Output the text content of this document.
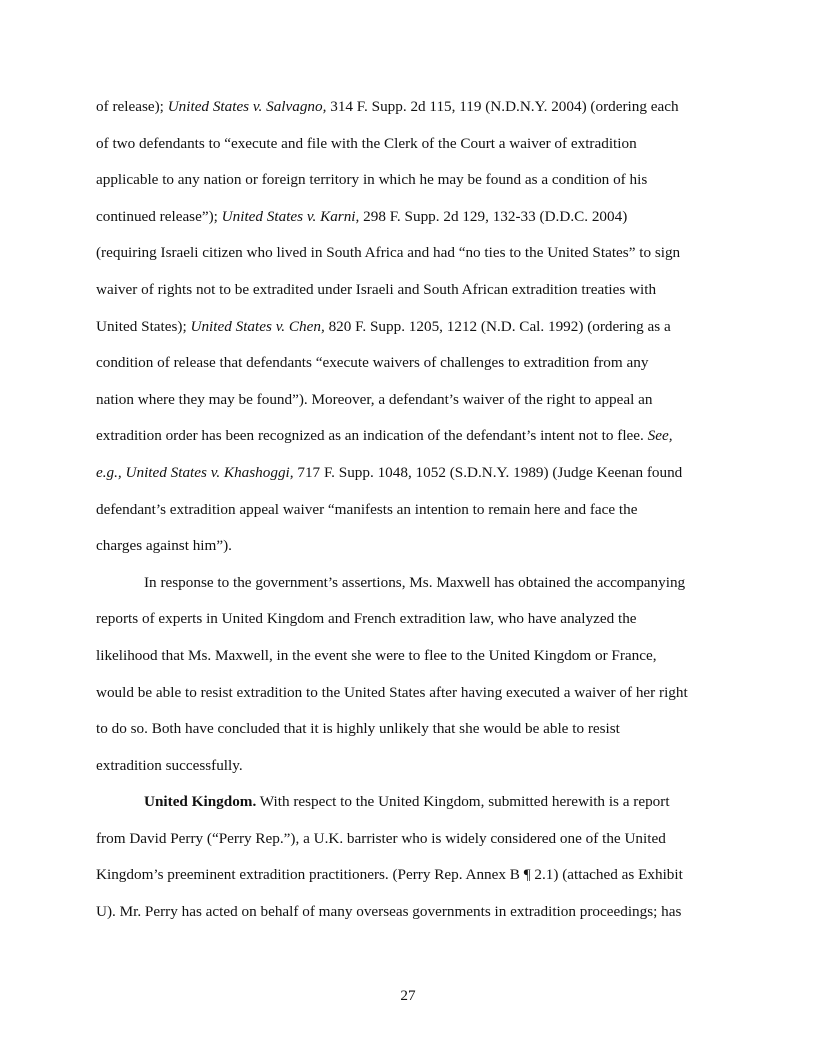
of release); United States v. Salvagno, 314 F. Supp. 2d 115, 119 (N.D.N.Y. 2004) (ordering each
of two defendants to “execute and file with the Clerk of the Court a waiver of extradition
applicable to any nation or foreign territory in which he may be found as a condition of his
continued release”); United States v. Karni, 298 F. Supp. 2d 129, 132-33 (D.D.C. 2004)
(requiring Israeli citizen who lived in South Africa and had “no ties to the United States” to sign
waiver of rights not to be extradited under Israeli and South African extradition treaties with
United States); United States v. Chen, 820 F. Supp. 1205, 1212 (N.D. Cal. 1992) (ordering as a
condition of release that defendants “execute waivers of challenges to extradition from any
nation where they may be found”). Moreover, a defendant’s waiver of the right to appeal an
extradition order has been recognized as an indication of the defendant’s intent not to flee. See,
e.g., United States v. Khashoggi, 717 F. Supp. 1048, 1052 (S.D.N.Y. 1989) (Judge Keenan found
defendant’s extradition appeal waiver “manifests an intention to remain here and face the
charges against him”).

In response to the government’s assertions, Ms. Maxwell has obtained the accompanying
reports of experts in United Kingdom and French extradition law, who have analyzed the
likelihood that Ms. Maxwell, in the event she were to flee to the United Kingdom or France,
would be able to resist extradition to the United States after having executed a waiver of her right
to do so. Both have concluded that it is highly unlikely that she would be able to resist
extradition successfully.

United Kingdom. With respect to the United Kingdom, submitted herewith is a report
from David Perry (“Perry Rep.”), a U.K. barrister who is widely considered one of the United
Kingdom’s preeminent extradition practitioners. (Perry Rep. Annex B ¶ 2.1) (attached as Exhibit
U). Mr. Perry has acted on behalf of many overseas governments in extradition proceedings; has

27
